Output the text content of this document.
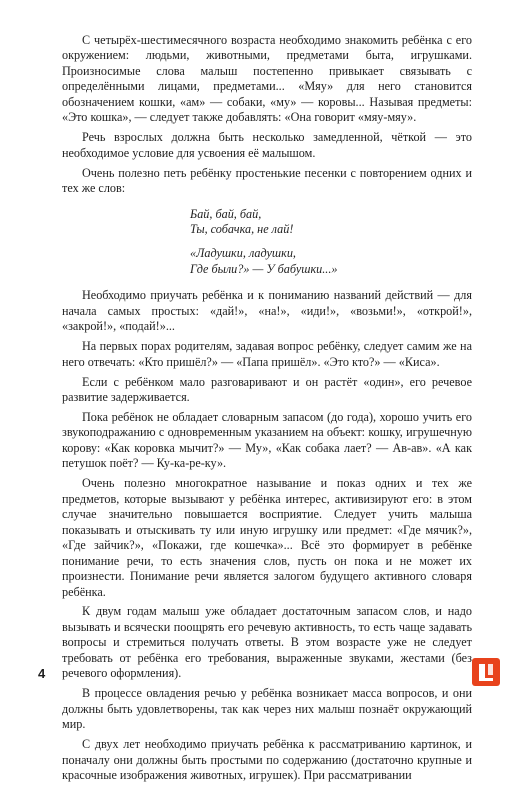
С четырёх-шестимесячного возраста необходимо знакомить ребёнка с его окружением: людьми, животными, предметами быта, игрушками. Произносимые слова малыш постепенно привыкает связывать с определёнными лицами, предметами... «Мяу» для него становится обозначением кошки, «ам» — собаки, «му» — коровы... Называя предметы: «Это кошка», — следует также добавлять: «Она говорит «мяу-мяу».

Речь взрослых должна быть несколько замедленной, чёткой — это необходимое условие для усвоения её малышом.

Очень полезно петь ребёнку простенькие песенки с повторением одних и тех же слов:

Бай, бай, бай,
Ты, собачка, не лай!
«Ладушки, ладушки,
Где были?» — У бабушки...»

Необходимо приучать ребёнка и к пониманию названий действий — для начала самых простых: «дай!», «на!», «иди!», «возьми!», «открой!», «закрой!», «подай!»...

На первых порах родителям, задавая вопрос ребёнку, следует самим же на него отвечать: «Кто пришёл?» — «Папа пришёл». «Это кто?» — «Киса».

Если с ребёнком мало разговаривают и он растёт «один», его речевое развитие задерживается.

Пока ребёнок не обладает словарным запасом (до года), хорошо учить его звукоподражанию с одновременным указанием на объект: кошку, игрушечную корову: «Как коровка мычит?» — Му», «Как собака лает? — Ав-ав». «А как петушок поёт? — Ку-ка-ре-ку».

Очень полезно многократное называние и показ одних и тех же предметов, которые вызывают у ребёнка интерес, активизируют его: в этом случае значительно повышается восприятие. Следует учить малыша показывать и отыскивать ту или иную игрушку или предмет: «Где мячик?», «Где зайчик?», «Покажи, где кошечка»... Всё это формирует в ребёнке понимание речи, то есть значения слов, пусть он пока и не может их произнести. Понимание речи является залогом будущего активного словаря ребёнка.

К двум годам малыш уже обладает достаточным запасом слов, и надо вызывать и всячески поощрять его речевую активность, то есть чаще задавать вопросы и стремиться получать ответы. В этом возрасте уже не следует требовать от ребёнка его требования, выраженные звуками, жестами (без речевого оформления).

В процессе овладения речью у ребёнка возникает масса вопросов, и они должны быть удовлетворены, так как через них малыш познаёт окружающий мир.

С двух лет необходимо приучать ребёнка к рассматриванию картинок, и поначалу они должны быть простыми по содержанию (достаточно крупные и красочные изображения животных, игрушек). При рассматривании

4
